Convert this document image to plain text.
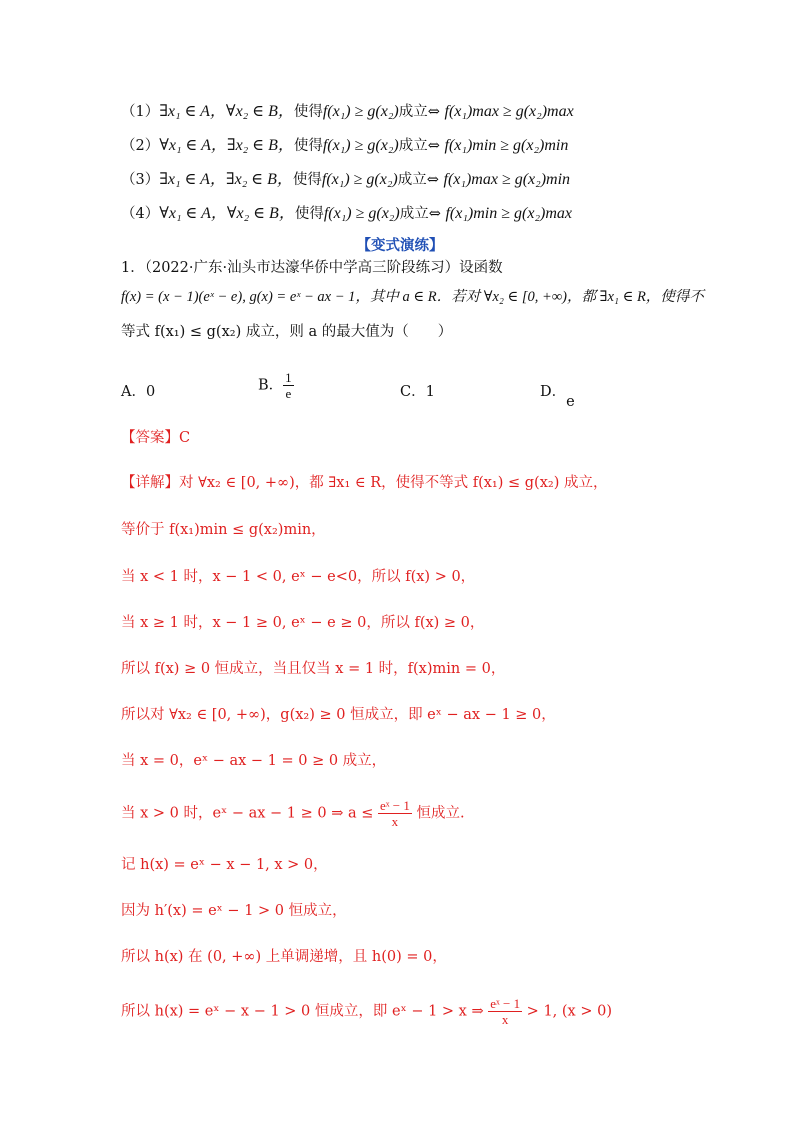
（1）∃x₁ ∈ A，∀x₂ ∈ B，使得f(x₁) ≥ g(x₂)成立⇔ f(x₁)max ≥ g(x₂)max
（2）∀x₁ ∈ A，∃x₂ ∈ B，使得f(x₁) ≥ g(x₂)成立⇔ f(x₁)min ≥ g(x₂)min
（3）∃x₁ ∈ A，∃x₂ ∈ B，使得f(x₁) ≥ g(x₂)成立⇔ f(x₁)max ≥ g(x₂)min
（4）∀x₁ ∈ A，∀x₂ ∈ B，使得f(x₁) ≥ g(x₂)成立⇔ f(x₁)min ≥ g(x₂)max
【变式演练】
1．（2022·广东·汕头市达濠华侨中学高三阶段练习）设函数
f(x) = (x − 1)(eˣ − e), g(x) = eˣ − ax − 1，其中 a ∈ R．若对 ∀x₂ ∈ [0, +∞)，都 ∃x₁ ∈ R，使得不
等式 f(x₁) ≤ g(x₂) 成立，则 a 的最大值为（　　）
A．0	B． $\frac{1}{e}$	C．1	D．e
【答案】C
【详解】对 ∀x₂ ∈ [0, +∞)，都 ∃x₁ ∈ R，使得不等式 f(x₁) ≤ g(x₂) 成立，
等价于 f(x₁)min ≤ g(x₂)min，
当 x < 1 时，x − 1 < 0, eˣ − e<0，所以 f(x) > 0，
当 x ≥ 1 时，x − 1 ≥ 0, eˣ − e ≥ 0，所以 f(x) ≥ 0，
所以 f(x) ≥ 0 恒成立，当且仅当 x = 1 时，f(x)min = 0，
所以对 ∀x₂ ∈ [0, +∞)，g(x₂) ≥ 0 恒成立，即 eˣ − ax − 1 ≥ 0，
当 x = 0，eˣ − ax − 1 = 0 ≥ 0 成立，
当 x > 0 时，eˣ − ax − 1 ≥ 0 ⇒ $a \le \frac{\text{eˣ − 1}}{x}$ 恒成立.
记 h(x) = eˣ − x − 1, x > 0，
因为 h′(x) = eˣ − 1 > 0 恒成立，
所以 h(x) 在 (0, +∞) 上单调递增，且 h(0) = 0，
所以 h(x) = eˣ − x − 1 > 0 恒成立，即 eˣ − 1 > x ⇒ $\frac{\text{eˣ − 1}}{x} > 1$, (x > 0)
